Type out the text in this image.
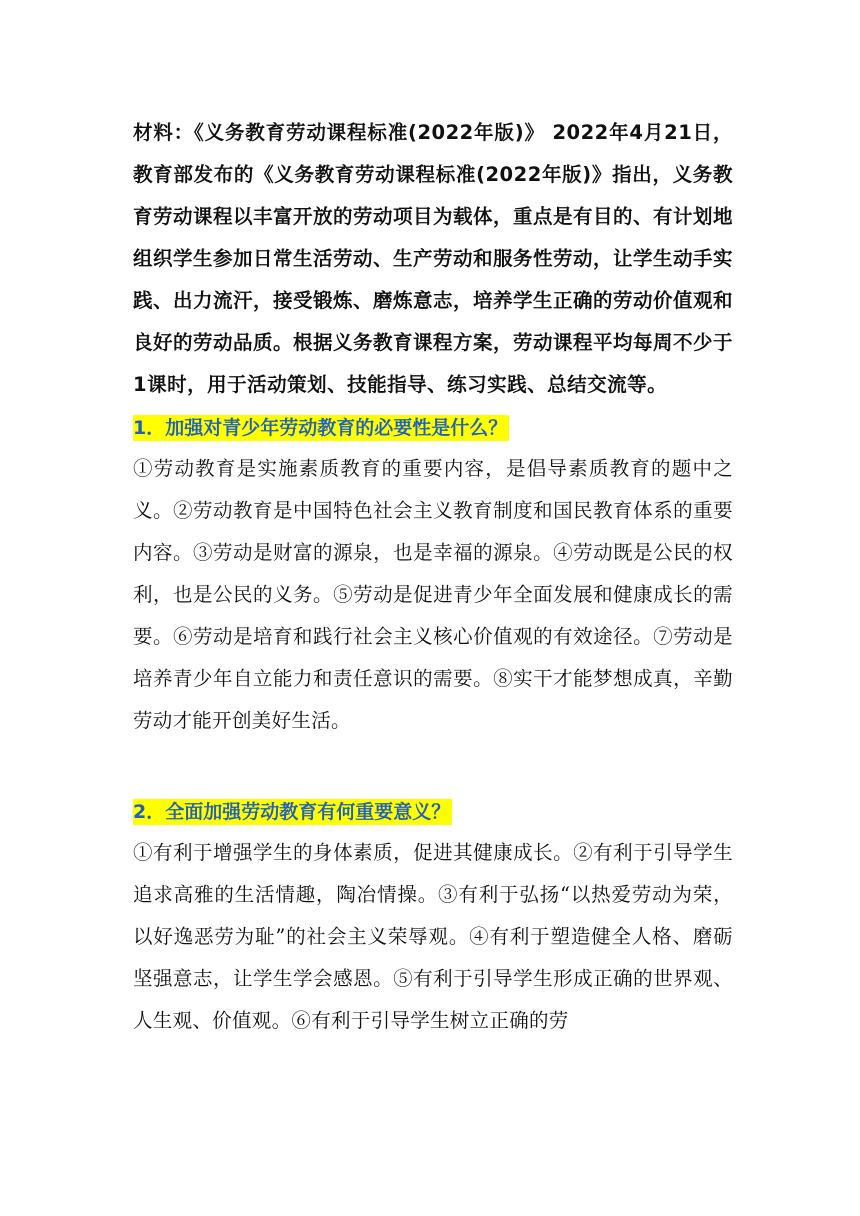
材料：《义务教育劳动课程标准(2022年版)》 2022年4月21日，教育部发布的《义务教育劳动课程标准(2022年版)》指出，义务教育劳动课程以丰富开放的劳动项目为载体，重点是有目的、有计划地组织学生参加日常生活劳动、生产劳动和服务性劳动，让学生动手实践、出力流汗，接受锻炼、磨炼意志，培养学生正确的劳动价值观和良好的劳动品质。根据义务教育课程方案，劳动课程平均每周不少于1课时，用于活动策划、技能指导、练习实践、总结交流等。

1．加强对青少年劳动教育的必要性是什么？

①劳动教育是实施素质教育的重要内容，是倡导素质教育的题中之义。②劳动教育是中国特色社会主义教育制度和国民教育体系的重要内容。③劳动是财富的源泉，也是幸福的源泉。④劳动既是公民的权利，也是公民的义务。⑤劳动是促进青少年全面发展和健康成长的需要。⑥劳动是培育和践行社会主义核心价值观的有效途径。⑦劳动是培养青少年自立能力和责任意识的需要。⑧实干才能梦想成真，辛勤劳动才能开创美好生活。

2．全面加强劳动教育有何重要意义？

①有利于增强学生的身体素质，促进其健康成长。②有利于引导学生追求高雅的生活情趣，陶冶情操。③有利于弘扬“以热爱劳动为荣，以好逸恶劳为耻”的社会主义荣辱观。④有利于塑造健全人格、磨砺坚强意志，让学生学会感恩。⑤有利于引导学生形成正确的世界观、人生观、价值观。⑥有利于引导学生树立正确的劳
